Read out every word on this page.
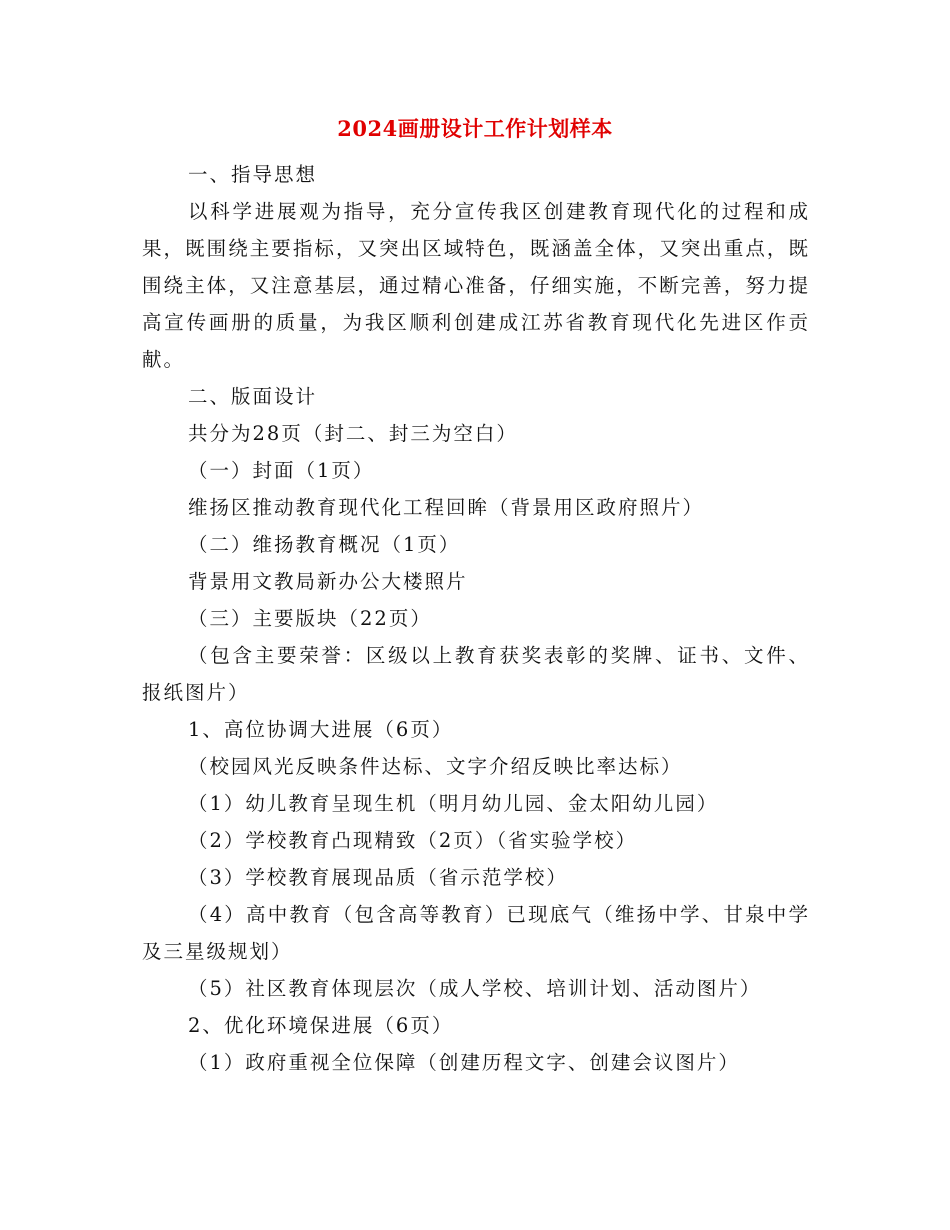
2024画册设计工作计划样本

一、指导思想

以科学进展观为指导，充分宣传我区创建教育现代化的过程和成果，既围绕主要指标，又突出区域特色，既涵盖全体，又突出重点，既围绕主体，又注意基层，通过精心准备，仔细实施，不断完善，努力提高宣传画册的质量，为我区顺利创建成江苏省教育现代化先进区作贡献。

二、版面设计

共分为28页（封二、封三为空白）

（一）封面（1页）

维扬区推动教育现代化工程回眸（背景用区政府照片）

（二）维扬教育概况（1页）

背景用文教局新办公大楼照片

（三）主要版块（22页）

（包含主要荣誉：区级以上教育获奖表彰的奖牌、证书、文件、报纸图片）

1、高位协调大进展（6页）

（校园风光反映条件达标、文字介绍反映比率达标）

（1）幼儿教育呈现生机（明月幼儿园、金太阳幼儿园）

（2）学校教育凸现精致（2页）（省实验学校）

（3）学校教育展现品质（省示范学校）

（4）高中教育（包含高等教育）已现底气（维扬中学、甘泉中学及三星级规划）

（5）社区教育体现层次（成人学校、培训计划、活动图片）

2、优化环境保进展（6页）

（1）政府重视全位保障（创建历程文字、创建会议图片）
